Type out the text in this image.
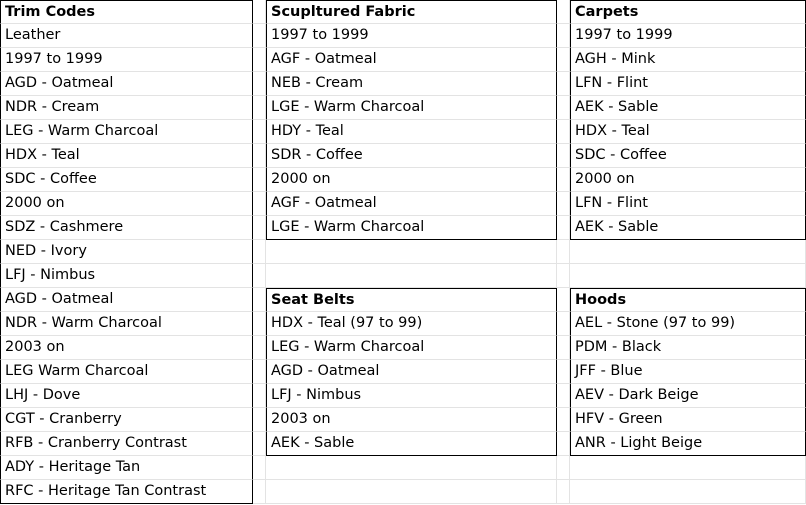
Trim Codes
Leather
1997 to 1999
AGD - Oatmeal
NDR - Cream
LEG - Warm Charcoal
HDX - Teal
SDC - Coffee
2000 on
SDZ - Cashmere
NED - Ivory
LFJ - Nimbus
AGD - Oatmeal
NDR - Warm Charcoal
2003 on
LEG Warm Charcoal
LHJ - Dove
CGT - Cranberry
RFB - Cranberry Contrast
ADY - Heritage Tan
RFC - Heritage Tan Contrast
Scupltured Fabric
1997 to 1999
AGF - Oatmeal
NEB - Cream
LGE - Warm Charcoal
HDY - Teal
SDR - Coffee
2000 on
AGF - Oatmeal
LGE - Warm Charcoal
Seat Belts
HDX - Teal (97 to 99)
LEG - Warm Charcoal
AGD - Oatmeal
LFJ - Nimbus
2003 on
AEK - Sable
Carpets
1997 to 1999
AGH - Mink
LFN - Flint
AEK - Sable
HDX - Teal
SDC - Coffee
2000 on
LFN - Flint
AEK - Sable
Hoods
AEL - Stone (97 to 99)
PDM - Black
JFF - Blue
AEV - Dark Beige
HFV - Green
ANR - Light Beige
